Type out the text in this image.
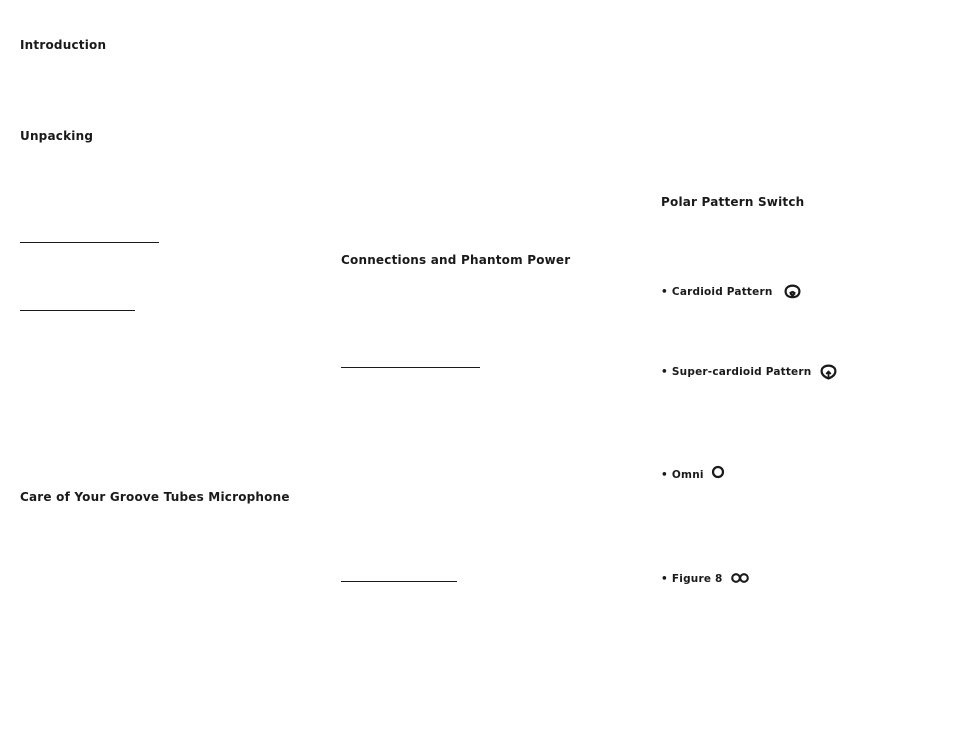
Introduction
Unpacking
Care of Your Groove Tubes Microphone
Connections and Phantom Power
Polar Pattern Switch
• Cardioid Pattern
• Super-cardioid Pattern
• Omni
• Figure 8
